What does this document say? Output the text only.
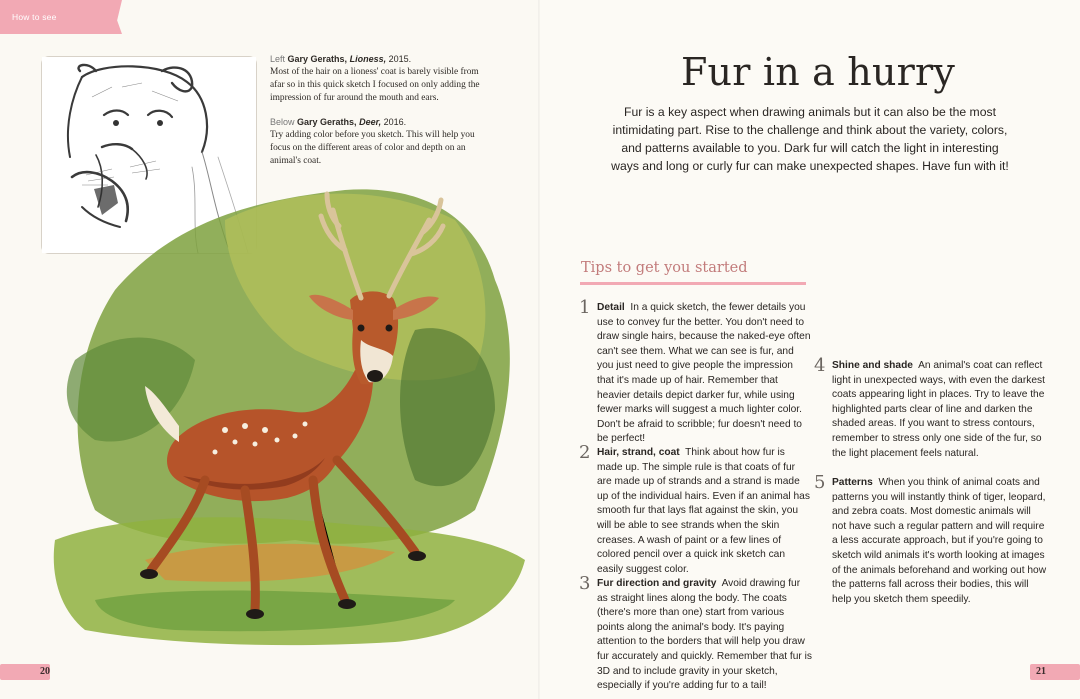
How to see
Left Gary Geraths, Lioness, 2015.
Most of the hair on a lioness' coat is barely visible from afar so in this quick sketch I focused on only adding the impression of fur around the mouth and ears.
Below Gary Geraths, Deer, 2016.
Try adding color before you sketch. This will help you focus on the different areas of color and depth on an animal's coat.
20
Fur in a hurry
Fur is a key aspect when drawing animals but it can also be the most intimidating part. Rise to the challenge and think about the variety, colors, and patterns available to you. Dark fur will catch the light in interesting ways and long or curly fur can make unexpected shapes. Have fun with it!
Tips to get you started
1 Detail In a quick sketch, the fewer details you use to convey fur the better. You don't need to draw single hairs, because the naked-eye often can't see them. What we can see is fur, and you just need to give people the impression that it's made up of hair. Remember that heavier details depict darker fur, while using fewer marks will suggest a much lighter color. Don't be afraid to scribble; fur doesn't need to be perfect!
2 Hair, strand, coat Think about how fur is made up. The simple rule is that coats of fur are made up of strands and a strand is made up of the individual hairs. Even if an animal has smooth fur that lays flat against the skin, you will be able to see strands when the skin creases. A wash of paint or a few lines of colored pencil over a quick ink sketch can easily suggest color.
3 Fur direction and gravity Avoid drawing fur as straight lines along the body. The coats (there's more than one) start from various points along the animal's body. It's paying attention to the borders that will help you draw fur accurately and quickly. Remember that fur is 3D and to include gravity in your sketch, especially if you're adding fur to a tail!
4 Shine and shade An animal's coat can reflect light in unexpected ways, with even the darkest coats appearing light in places. Try to leave the highlighted parts clear of line and darken the shaded areas. If you want to stress contours, remember to stress only one side of the fur, so the light placement feels natural.
5 Patterns When you think of animal coats and patterns you will instantly think of tiger, leopard, and zebra coats. Most domestic animals will not have such a regular pattern and will require a less accurate approach, but if you're going to sketch wild animals it's worth looking at images of the animals beforehand and working out how the patterns fall across their bodies, this will help you sketch them speedily.
21
